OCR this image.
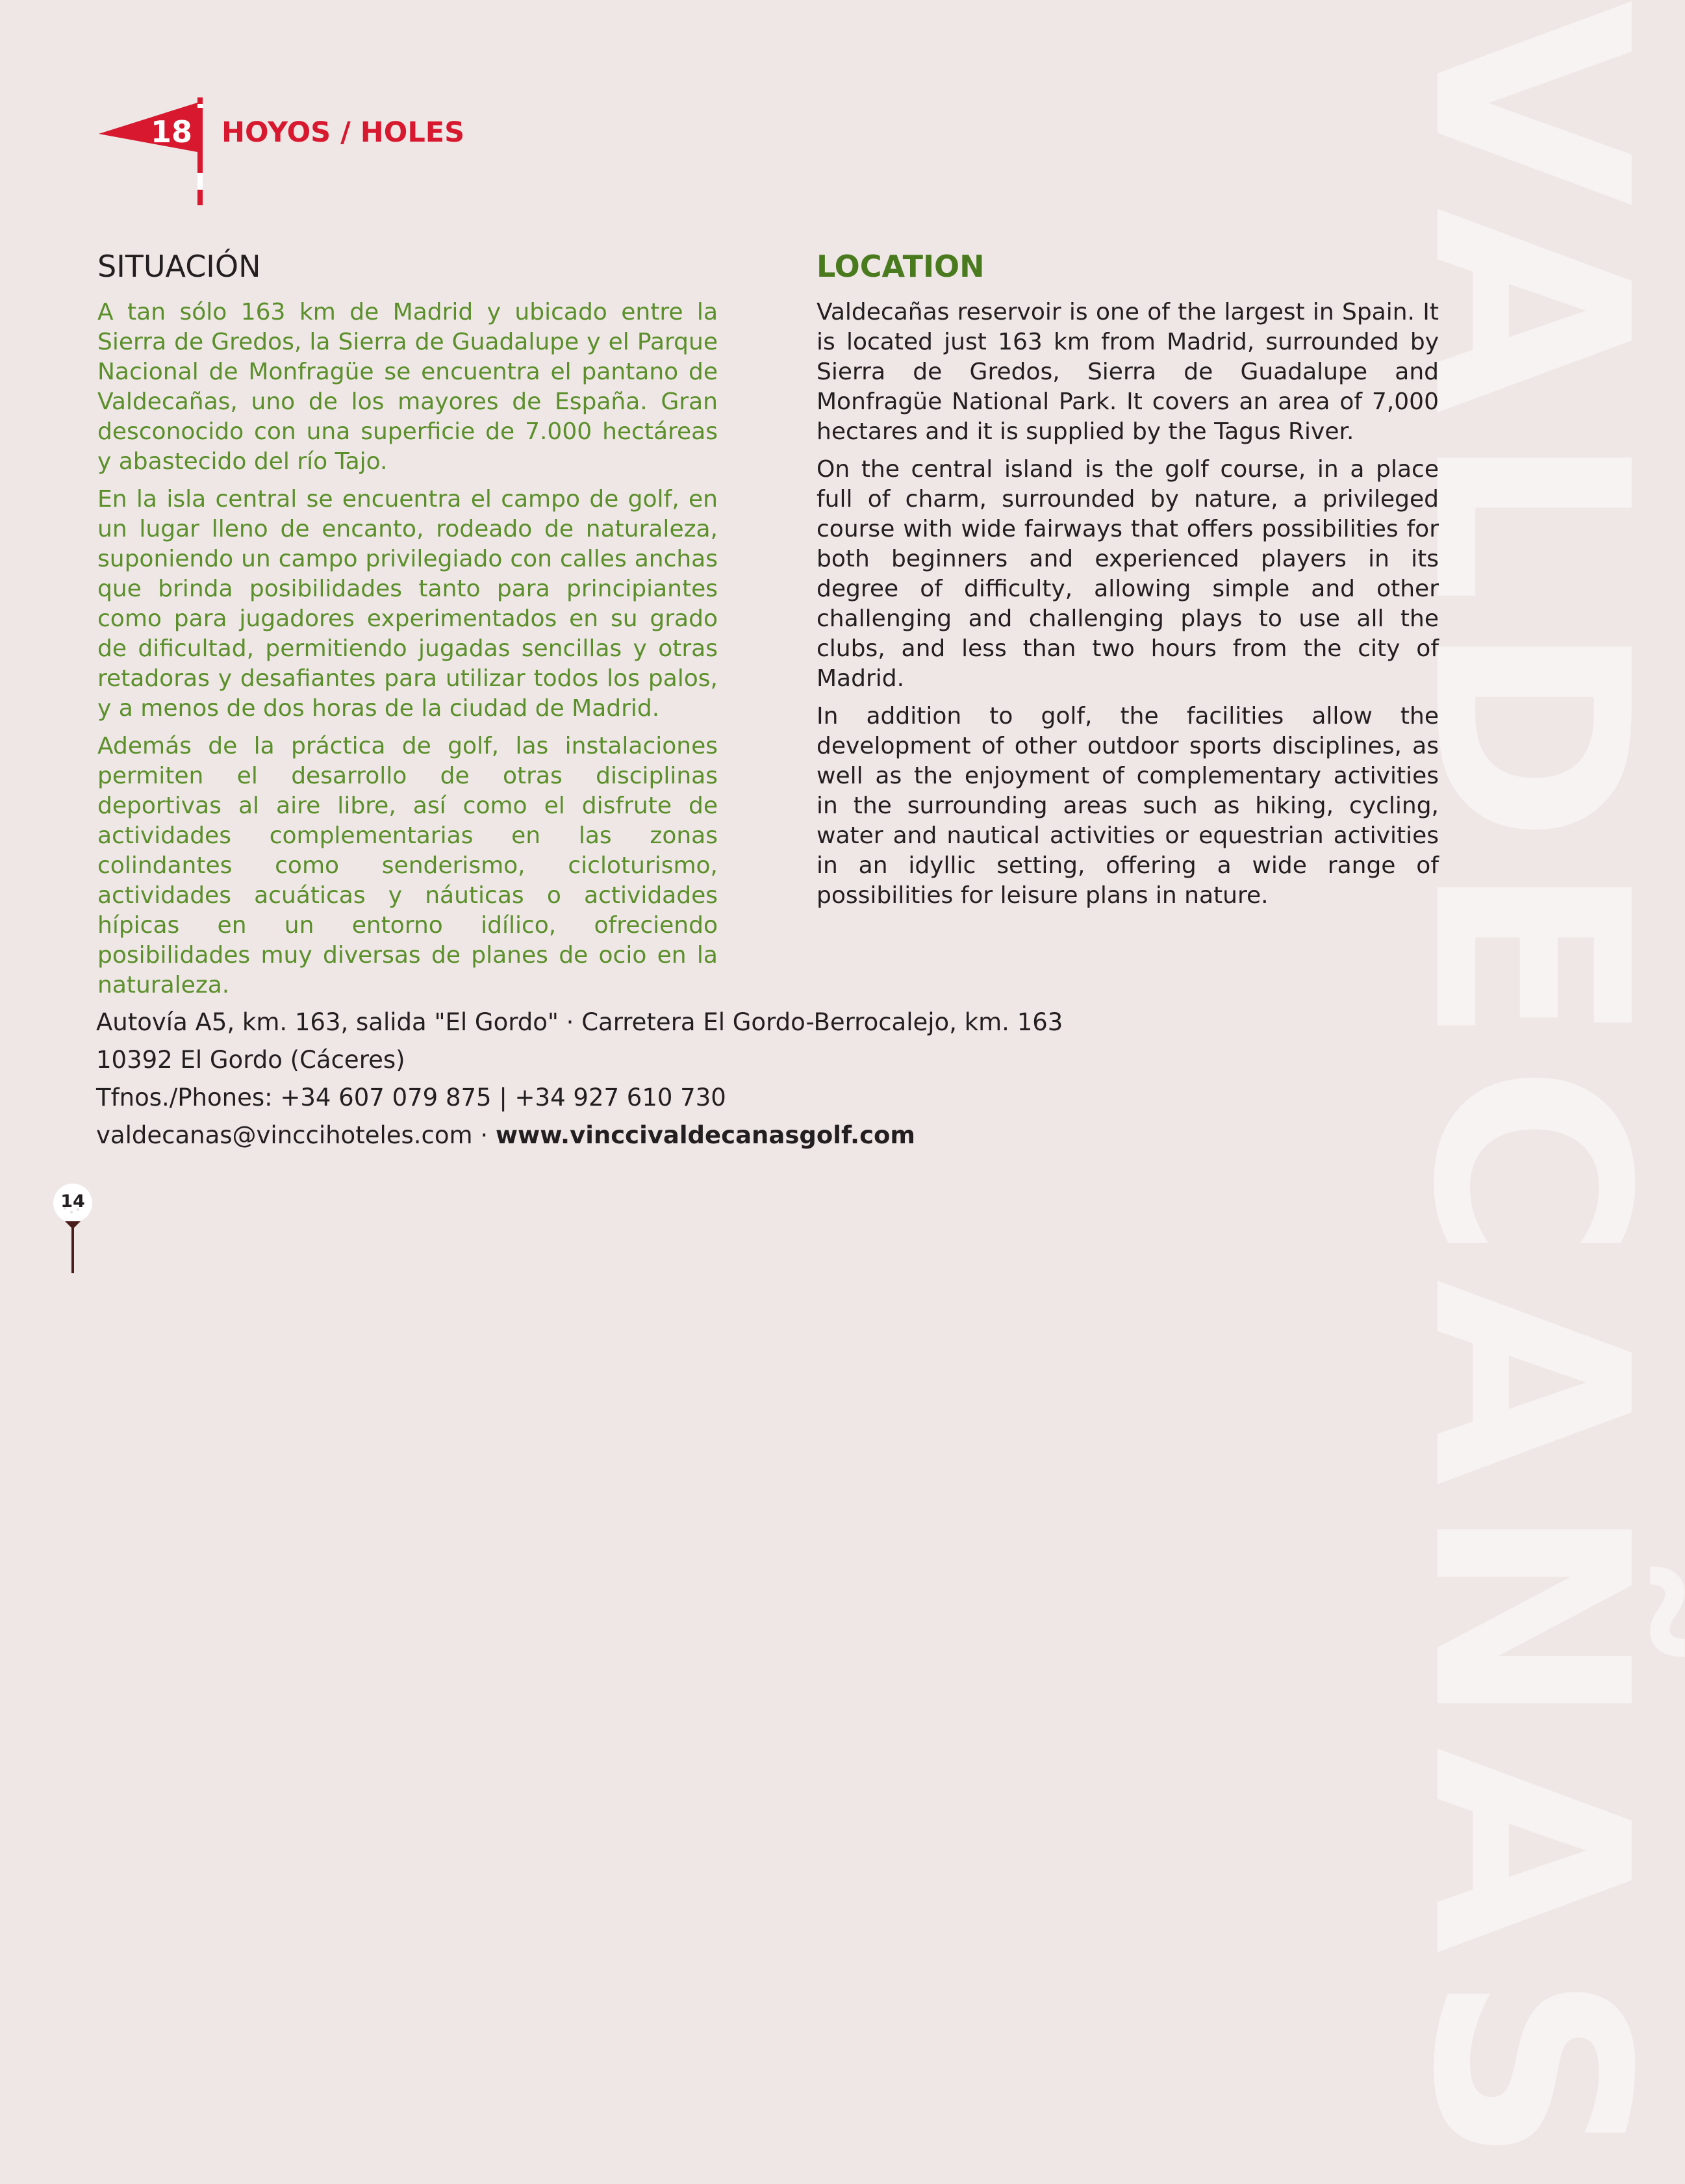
VALDECAÑAS
18 HOYOS / HOLES
SITUACIÓN	LOCATION

A tan sólo 163 km de Madrid y ubicado entre la Sierra de Gredos, la Sierra de Guadalupe y el Parque Nacional de Monfragüe se encuentra el pantano de Valdecañas, uno de los mayores de España. Gran desconocido con una superficie de 7.000 hectáreas y abastecido del río Tajo.

En la isla central se encuentra el campo de golf, en un lugar lleno de encanto, rodeado de naturaleza, suponiendo un campo privilegiado con calles anchas que brinda posibilidades tanto para principiantes como para jugadores experimentados en su grado de dificultad, permitiendo jugadas sencillas y otras retadoras y desafiantes para utilizar todos los palos, y a menos de dos horas de la ciudad de Madrid.

Además de la práctica de golf, las instalaciones permiten el desarrollo de otras disciplinas deportivas al aire libre, así como el disfrute de actividades complementarias en las zonas colindantes como senderismo, cicloturismo, actividades acuáticas y náuticas o actividades hípicas en un entorno idílico, ofreciendo posibilidades muy diversas de planes de ocio en la naturaleza.

Valdecañas reservoir is one of the largest in Spain. It is located just 163 km from Madrid, surrounded by Sierra de Gredos, Sierra de Guadalupe and Monfragüe National Park. It covers an area of 7,000 hectares and it is supplied by the Tagus River.

On the central island is the golf course, in a place full of charm, surrounded by nature, a privileged course with wide fairways that offers possibilities for both beginners and experienced players in its degree of difficulty, allowing simple and other challenging and challenging plays to use all the clubs, and less than two hours from the city of Madrid.

In addition to golf, the facilities allow the development of other outdoor sports disciplines, as well as the enjoyment of complementary activities in the surrounding areas such as hiking, cycling, water and nautical activities or equestrian activities in an idyllic setting, offering a wide range of possibilities for leisure plans in nature.

Autovía A5, km. 163, salida "El Gordo" · Carretera El Gordo-Berrocalejo, km. 163
10392 El Gordo (Cáceres)
Tfnos./Phones: +34 607 079 875 | +34 927 610 730
valdecanas@vinccihoteles.com · www.vinccivaldecanasgolf.com
14
